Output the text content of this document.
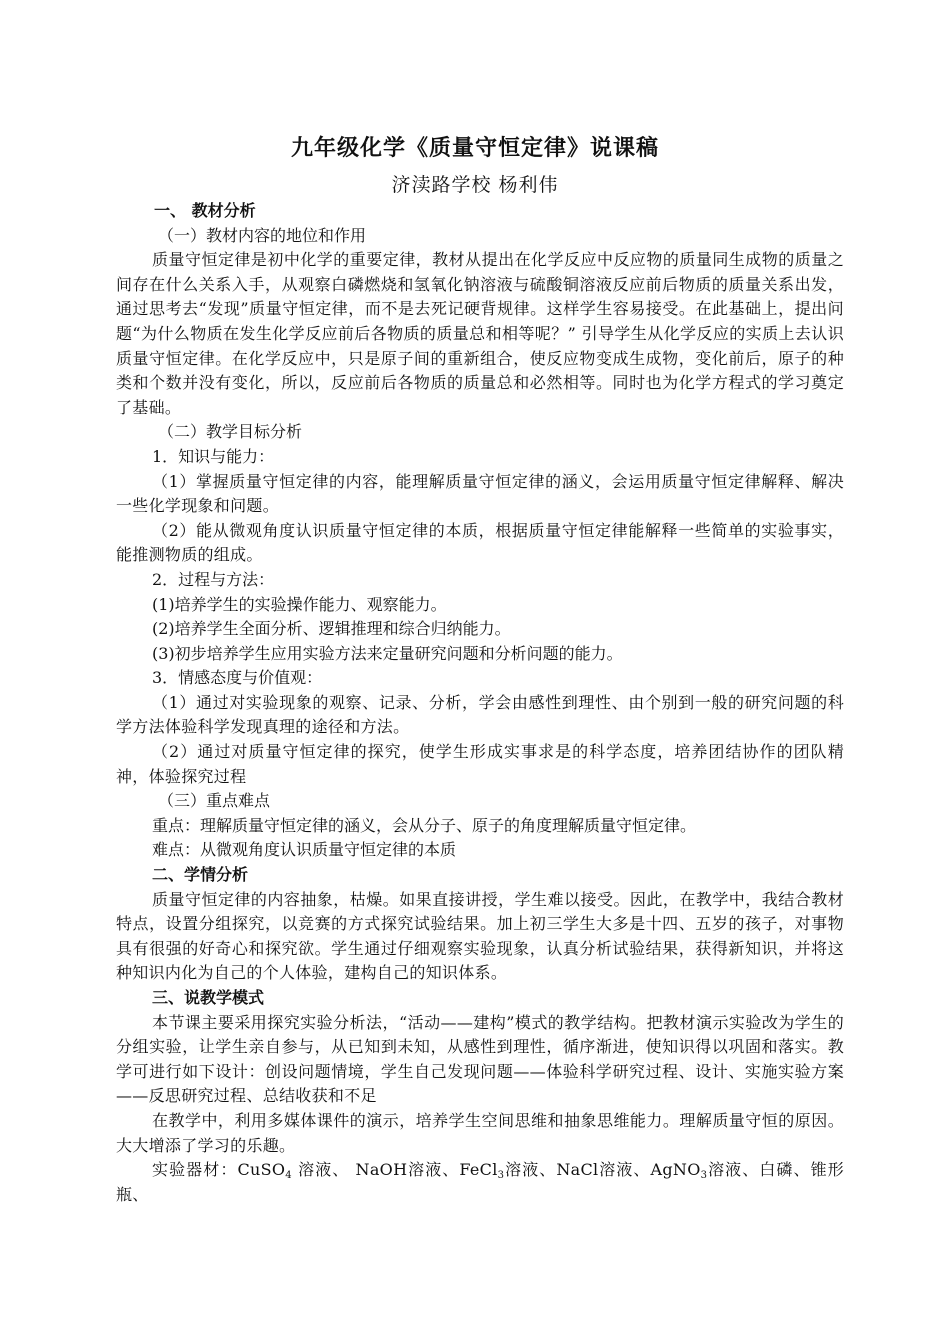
九年级化学《质量守恒定律》说课稿
济渎路学校 杨利伟

一、 教材分析

（一）教材内容的地位和作用

质量守恒定律是初中化学的重要定律，教材从提出在化学反应中反应物的质量同生成物的质量之间存在什么关系入手，从观察白磷燃烧和氢氧化钠溶液与硫酸铜溶液反应前后物质的质量关系出发，通过思考去“发现”质量守恒定律，而不是去死记硬背规律。这样学生容易接受。在此基础上，提出问题“为什么物质在发生化学反应前后各物质的质量总和相等呢？” 引导学生从化学反应的实质上去认识质量守恒定律。在化学反应中，只是原子间的重新组合，使反应物变成生成物，变化前后，原子的种类和个数并没有变化，所以，反应前后各物质的质量总和必然相等。同时也为化学方程式的学习奠定了基础。

（二）教学目标分析

1．知识与能力：

（1）掌握质量守恒定律的内容，能理解质量守恒定律的涵义，会运用质量守恒定律解释、解决一些化学现象和问题。

（2）能从微观角度认识质量守恒定律的本质，根据质量守恒定律能解释一些简单的实验事实，能推测物质的组成。

2．过程与方法：

(1)培养学生的实验操作能力、观察能力。

(2)培养学生全面分析、逻辑推理和综合归纳能力。

(3)初步培养学生应用实验方法来定量研究问题和分析问题的能力。

3．情感态度与价值观：

（1）通过对实验现象的观察、记录、分析，学会由感性到理性、由个别到一般的研究问题的科学方法体验科学发现真理的途径和方法。

（2）通过对质量守恒定律的探究，使学生形成实事求是的科学态度，培养团结协作的团队精神，体验探究过程

（三）重点难点

重点：理解质量守恒定律的涵义，会从分子、原子的角度理解质量守恒定律。

难点：从微观角度认识质量守恒定律的本质

二、学情分析

质量守恒定律的内容抽象，枯燥。如果直接讲授，学生难以接受。因此，在教学中，我结合教材特点，设置分组探究，以竞赛的方式探究试验结果。加上初三学生大多是十四、五岁的孩子，对事物具有很强的好奇心和探究欲。学生通过仔细观察实验现象，认真分析试验结果，获得新知识，并将这种知识内化为自己的个人体验，建构自己的知识体系。

三、说教学模式

本节课主要采用探究实验分析法，“活动——建构”模式的教学结构。把教材演示实验改为学生的分组实验，让学生亲自参与，从已知到未知，从感性到理性，循序渐进，使知识得以巩固和落实。教学可进行如下设计：创设问题情境，学生自己发现问题——体验科学研究过程、设计、实施实验方案 ——反思研究过程、总结收获和不足

在教学中，利用多媒体课件的演示，培养学生空间思维和抽象思维能力。理解质量守恒的原因。大大增添了学习的乐趣。

实验器材：CuSO$_4$ 溶液、 NaOH溶液、FeCl$_3$溶液、NaCl溶液、AgNO$_3$溶液、白磷、锥形瓶、
